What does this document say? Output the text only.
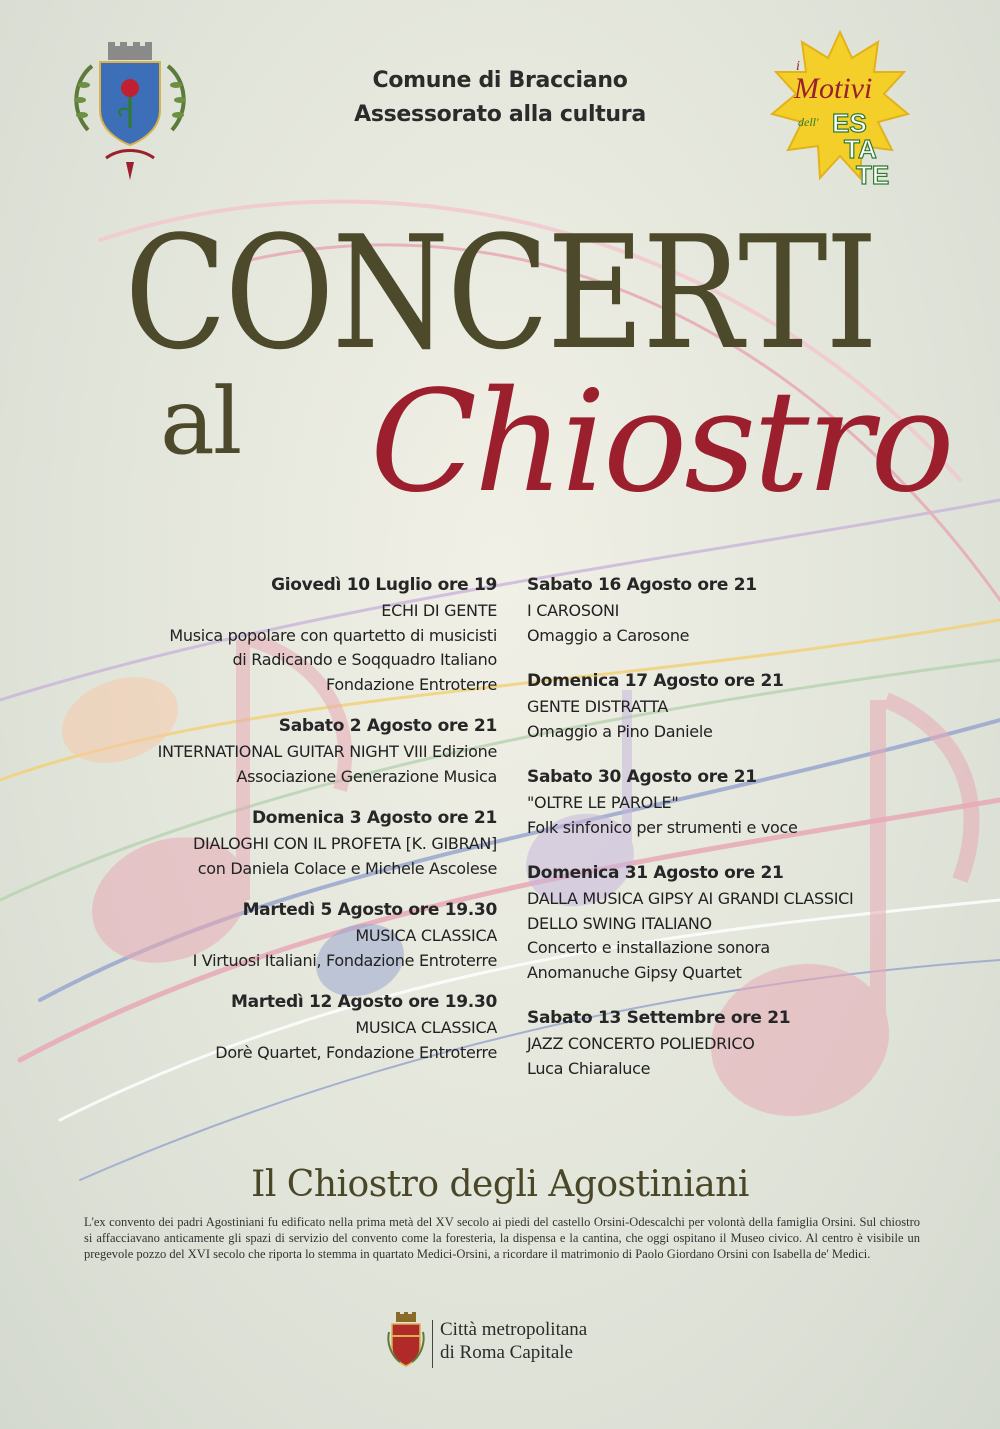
Comune di Bracciano
Assessorato alla cultura
i
Motivi
dell' ES
TA
TE
CONCERTI
al Chiostro
Giovedì 10 Luglio ore 19
ECHI DI GENTE
Musica popolare con quartetto di musicisti
di Radicando e Soqquadro Italiano
Fondazione Entroterre
Sabato 2 Agosto ore 21
INTERNATIONAL GUITAR NIGHT VIII Edizione
Associazione Generazione Musica
Domenica 3 Agosto ore 21
DIALOGHI CON IL PROFETA [K. GIBRAN]
con Daniela Colace e Michele Ascolese
Martedì 5 Agosto ore 19.30
MUSICA CLASSICA
I Virtuosi Italiani, Fondazione Entroterre
Martedì 12 Agosto ore 19.30
MUSICA CLASSICA
Dorè Quartet, Fondazione Entroterre
Sabato 16 Agosto ore 21
I CAROSONI
Omaggio a Carosone
Domenica 17 Agosto ore 21
GENTE DISTRATTA
Omaggio a Pino Daniele
Sabato 30 Agosto ore 21
"OLTRE LE PAROLE"
Folk sinfonico per strumenti e voce
Domenica 31 Agosto ore 21
DALLA MUSICA GIPSY AI GRANDI CLASSICI
DELLO SWING ITALIANO
Concerto e installazione sonora
Anomanuche Gipsy Quartet
Sabato 13 Settembre ore 21
JAZZ CONCERTO POLIEDRICO
Luca Chiaraluce
Il Chiostro degli Agostiniani
L'ex convento dei padri Agostiniani fu edificato nella prima metà del XV secolo ai piedi del castello Orsini-Odescalchi per volontà della famiglia Orsini. Sul chiostro si affacciavano anticamente gli spazi di servizio del convento come la foresteria, la dispensa e la cantina, che oggi ospitano il Museo civico. Al centro è visibile un pregevole pozzo del XVI secolo che riporta lo stemma in quartato Medici-Orsini, a ricordare il matrimonio di Paolo Giordano Orsini con Isabella de' Medici.
Città metropolitana
di Roma Capitale
